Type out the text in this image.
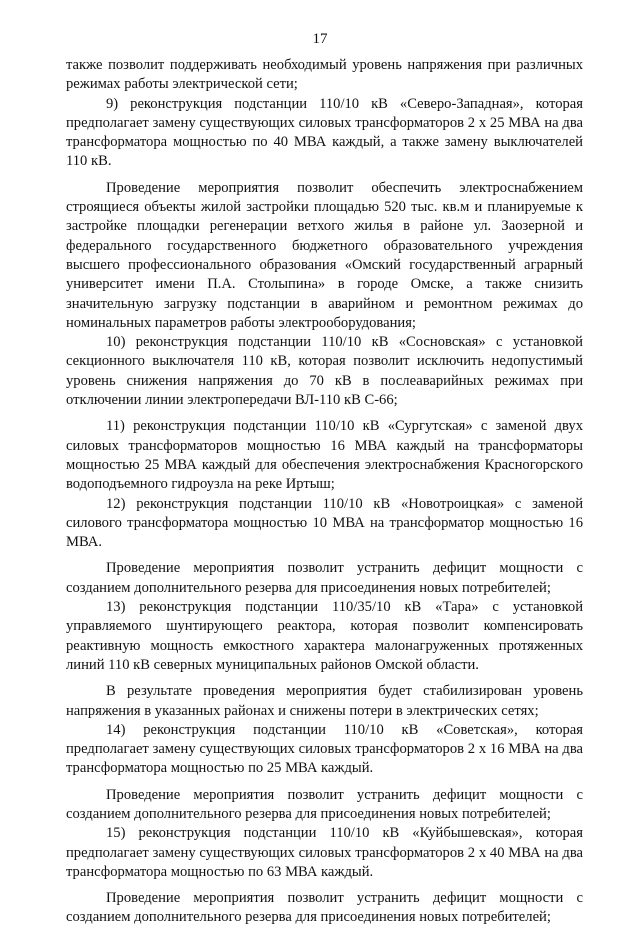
17

также позволит поддерживать необходимый уровень напряжения при различных режимах работы электрической сети;

9) реконструкция подстанции 110/10 кВ «Северо-Западная», которая предполагает замену существующих силовых трансформаторов 2 х 25 МВА на два трансформатора мощностью по 40 МВА каждый, а также замену выключателей 110 кВ.

Проведение мероприятия позволит обеспечить электроснабжением строящиеся объекты жилой застройки площадью 520 тыс. кв.м и планируемые к застройке площадки регенерации ветхого жилья в районе ул. Заозерной и федерального государственного бюджетного образовательного учреждения высшего профессионального образования «Омский государственный аграрный университет имени П.А. Столыпина» в городе Омске, а также снизить значительную загрузку подстанции в аварийном и ремонтном режимах до номинальных параметров работы электрооборудования;

10) реконструкция подстанции 110/10 кВ «Сосновская» с установкой секционного выключателя 110 кВ, которая позволит исключить недопустимый уровень снижения напряжения до 70 кВ в послеаварийных режимах при отключении линии электропередачи ВЛ-110 кВ С-66;

11) реконструкция подстанции 110/10 кВ «Сургутская» с заменой двух силовых трансформаторов мощностью 16 МВА каждый на трансформаторы мощностью 25 МВА каждый для обеспечения электроснабжения Красногорского водоподъемного гидроузла на реке Иртыш;

12) реконструкция подстанции 110/10 кВ «Новотроицкая» с заменой силового трансформатора мощностью 10 МВА на трансформатор мощностью 16 МВА.

Проведение мероприятия позволит устранить дефицит мощности с созданием дополнительного резерва для присоединения новых потребителей;

13) реконструкция подстанции 110/35/10 кВ «Тара» с установкой управляемого шунтирующего реактора, которая позволит компенсировать реактивную мощность емкостного характера малонагруженных протяженных линий 110 кВ северных муниципальных районов Омской области.

В результате проведения мероприятия будет стабилизирован уровень напряжения в указанных районах и снижены потери в электрических сетях;

14) реконструкция подстанции 110/10 кВ «Советская», которая предполагает замену существующих силовых трансформаторов 2 х 16 МВА на два трансформатора мощностью по 25 МВА каждый.

Проведение мероприятия позволит устранить дефицит мощности с созданием дополнительного резерва для присоединения новых потребителей;

15) реконструкция подстанции 110/10 кВ «Куйбышевская», которая предполагает замену существующих силовых трансформаторов 2 х 40 МВА на два трансформатора мощностью по 63 МВА каждый.

Проведение мероприятия позволит устранить дефицит мощности с созданием дополнительного резерва для присоединения новых потребителей;
